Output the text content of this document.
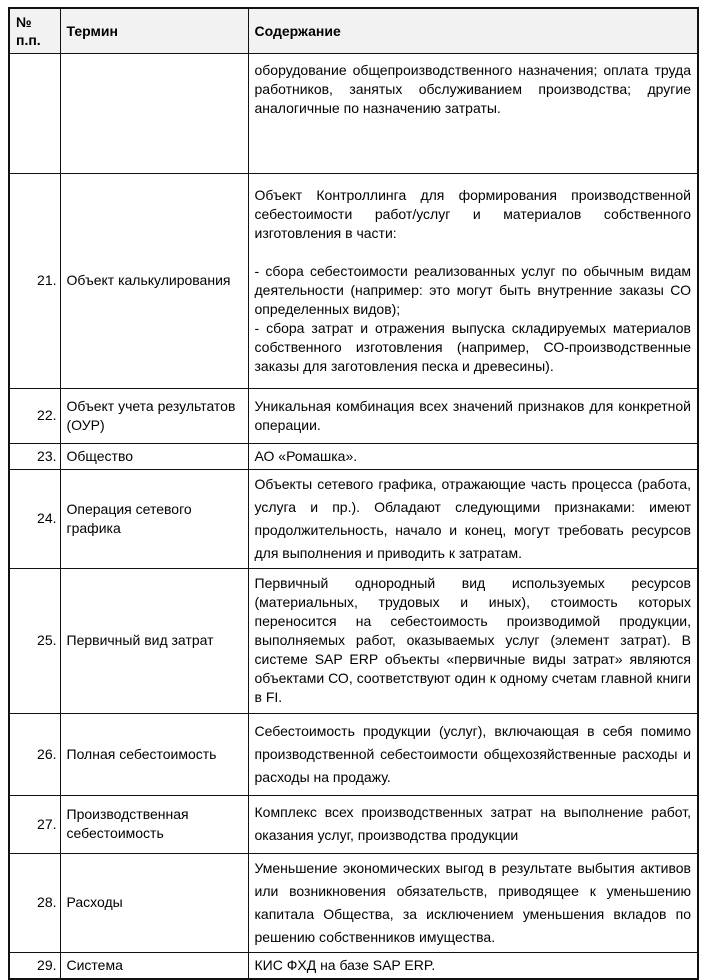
№ п.п.	Термин	Содержание

		оборудование общепроизводственного назначения; оплата труда работников, занятых обслуживанием производства; другие аналогичные по назначению затраты.

21.	Объект калькулирования	Объект Контроллинга для формирования производственной себестоимости работ/услуг и материалов собственного изготовления в части:

- сбора себестоимости реализованных услуг по обычным видам деятельности (например: это могут быть внутренние заказы СО определенных видов);

- сбора затрат и отражения выпуска складируемых материалов собственного изготовления (например, СО-производственные заказы для заготовления песка и древесины).

22.	Объект учета результатов (ОУР)	Уникальная комбинация всех значений признаков для конкретной операции.

23.	Общество	АО «Ромашка».

24.	Операция сетевого графика	Объекты сетевого графика, отражающие часть процесса (работа, услуга и пр.). Обладают следующими признаками: имеют продолжительность, начало и конец, могут требовать ресурсов для выполнения и приводить к затратам.

25.	Первичный вид затрат	Первичный однородный вид используемых ресурсов (материальных, трудовых и иных), стоимость которых переносится на себестоимость производимой продукции, выполняемых работ, оказываемых услуг (элемент затрат). В системе SAP ERP объекты «первичные виды затрат» являются объектами СО, соответствуют один к одному счетам главной книги в FI.

26.	Полная себестоимость	Себестоимость продукции (услуг), включающая в себя помимо производственной себестоимости общехозяйственные расходы и расходы на продажу.

27.	Производственная себестоимость	Комплекс всех производственных затрат на выполнение работ, оказания услуг, производства продукции

28.	Расходы	Уменьшение экономических выгод в результате выбытия активов или возникновения обязательств, приводящее к уменьшению капитала Общества, за исключением уменьшения вкладов по решению собственников имущества.

29.	Система	КИС ФХД на базе SAP ERP.
